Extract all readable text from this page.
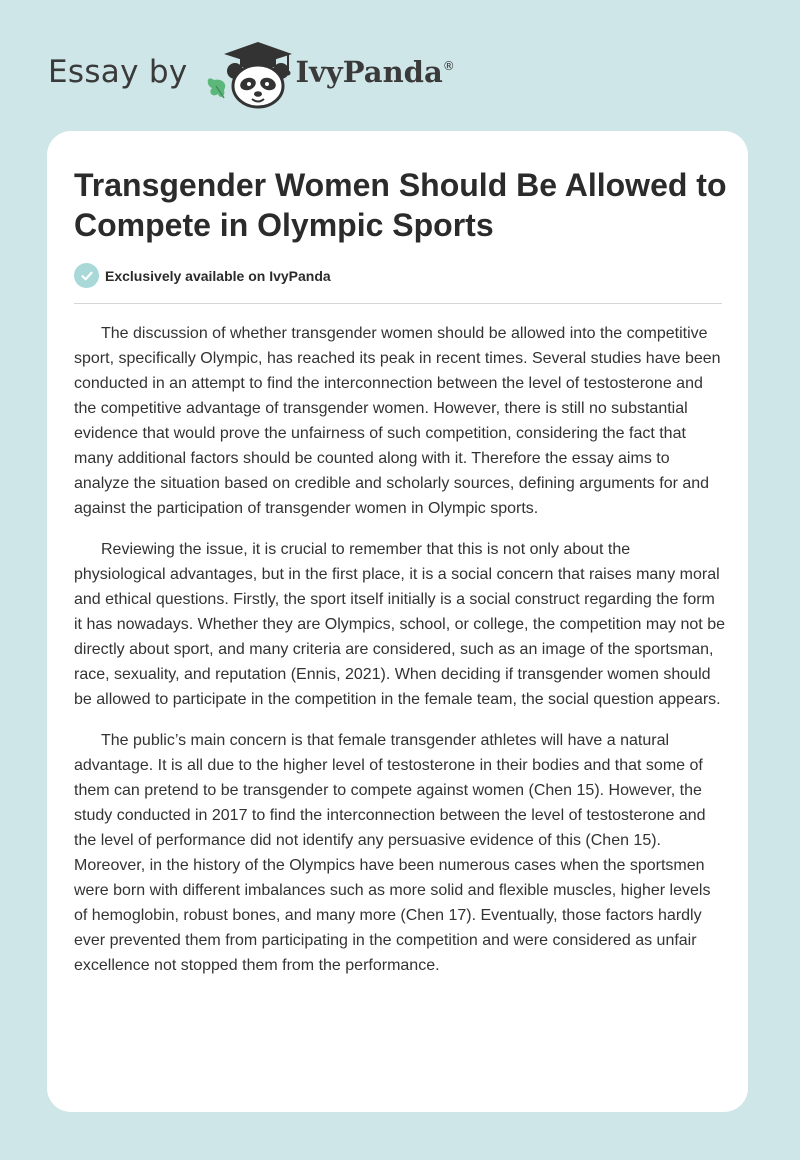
Essay by	IvyPanda ®
Transgender Women Should Be Allowed to Compete in Olympic Sports
Exclusively available on IvyPanda

The discussion of whether transgender women should be allowed into the competitive sport, specifically Olympic, has reached its peak in recent times. Several studies have been conducted in an attempt to find the interconnection between the level of testosterone and the competitive advantage of transgender women. However, there is still no substantial evidence that would prove the unfairness of such competition, considering the fact that many additional factors should be counted along with it. Therefore the essay aims to analyze the situation based on credible and scholarly sources, defining arguments for and against the participation of transgender women in Olympic sports.

Reviewing the issue, it is crucial to remember that this is not only about the physiological advantages, but in the first place, it is a social concern that raises many moral and ethical questions. Firstly, the sport itself initially is a social construct regarding the form it has nowadays. Whether they are Olympics, school, or college, the competition may not be directly about sport, and many criteria are considered, such as an image of the sportsman, race, sexuality, and reputation (Ennis, 2021). When deciding if transgender women should be allowed to participate in the competition in the female team, the social question appears.

The public’s main concern is that female transgender athletes will have a natural advantage. It is all due to the higher level of testosterone in their bodies and that some of them can pretend to be transgender to compete against women (Chen 15). However, the study conducted in 2017 to find the interconnection between the level of testosterone and the level of performance did not identify any persuasive evidence of this (Chen 15). Moreover, in the history of the Olympics have been numerous cases when the sportsmen were born with different imbalances such as more solid and flexible muscles, higher levels of hemoglobin, robust bones, and many more (Chen 17). Eventually, those factors hardly ever prevented them from participating in the competition and were considered as unfair excellence not stopped them from the performance.
